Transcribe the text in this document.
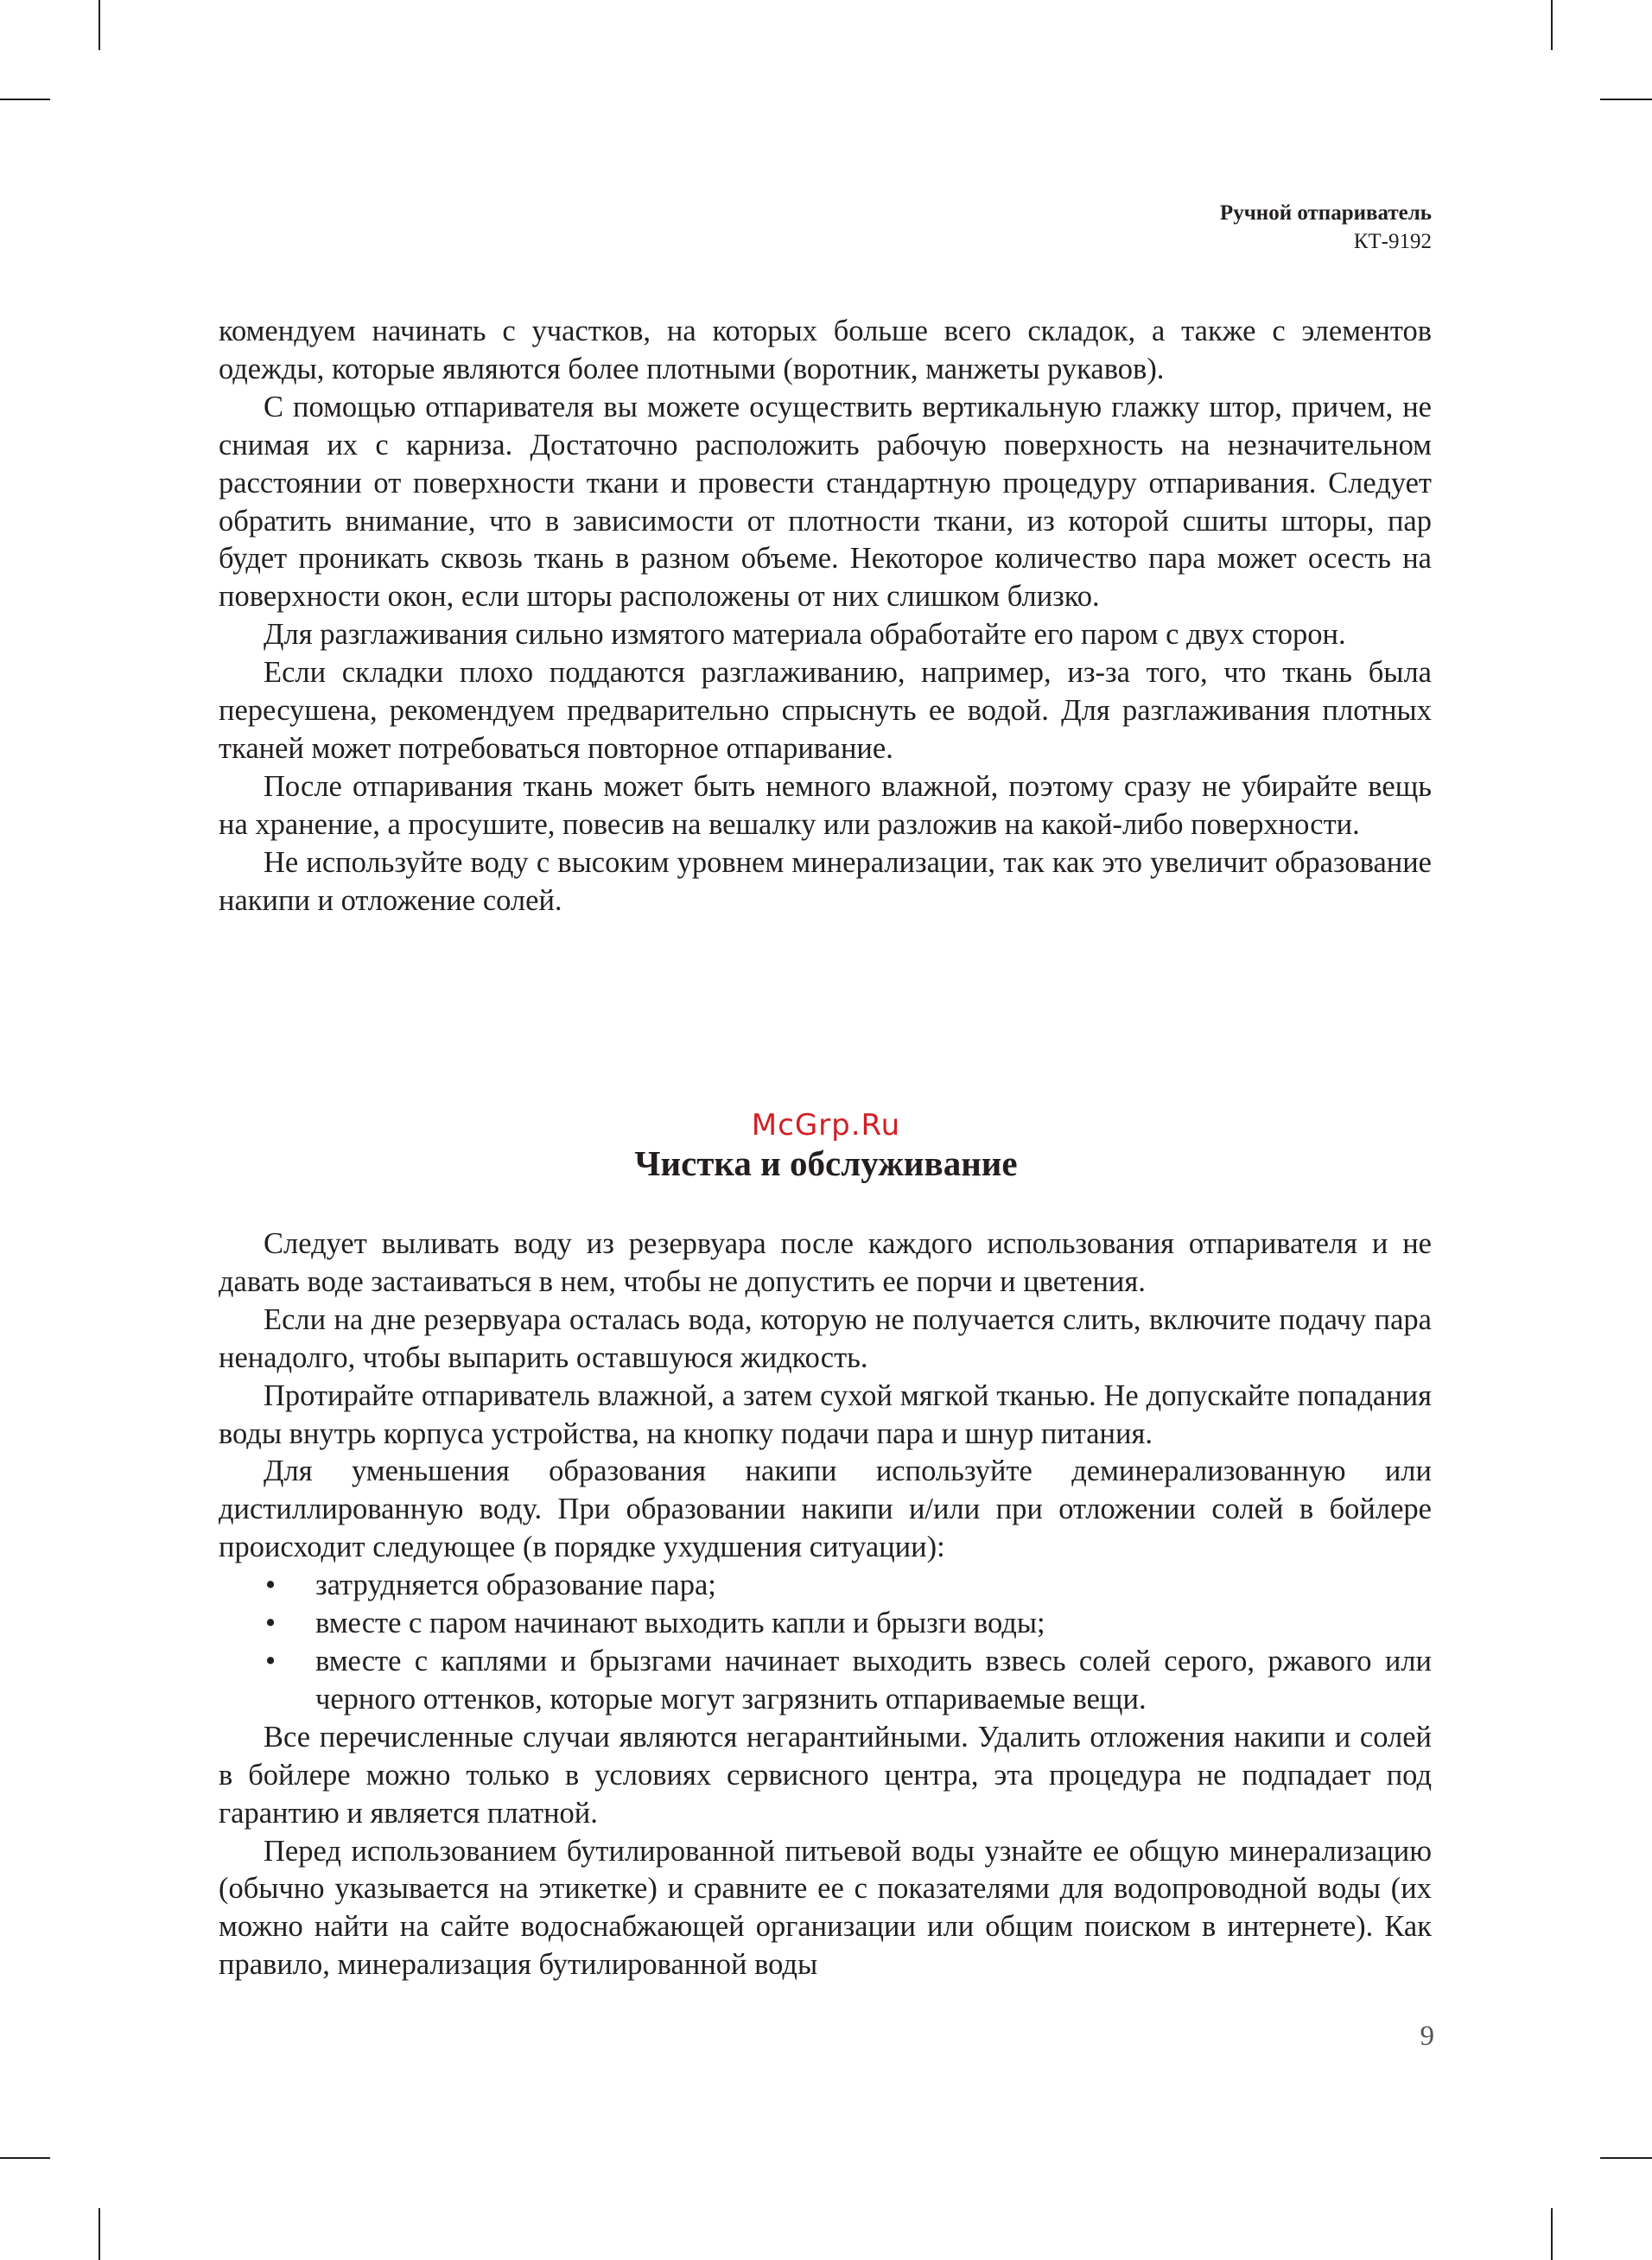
Ручной отпариватель
КТ-9192

комендуем начинать с участков, на которых больше всего складок, а также с элементов одежды, которые являются более плотными (воротник, манжеты рукавов).

С помощью отпаривателя вы можете осуществить вертикальную глажку штор, причем, не снимая их с карниза. Достаточно расположить рабочую поверхность на незначительном расстоянии от поверхности ткани и провести стандартную процедуру отпаривания. Следует обратить внимание, что в зависимости от плотности ткани, из которой сшиты шторы, пар будет проникать сквозь ткань в разном объеме. Некоторое количество пара может осесть на поверхности окон, если шторы расположены от них слишком близко.

Для разглаживания сильно измятого материала обработайте его паром с двух сторон.

Если складки плохо поддаются разглаживанию, например, из-за того, что ткань была пересушена, рекомендуем предварительно спрыснуть ее водой. Для разглаживания плотных тканей может потребоваться повторное отпаривание.

После отпаривания ткань может быть немного влажной, поэтому сразу не убирайте вещь на хранение, а просушите, повесив на вешалку или разложив на какой-либо поверхности.

Не используйте воду с высоким уровнем минерализации, так как это увеличит образование накипи и отложение солей.

McGrp.Ru
Чистка и обслуживание

Следует выливать воду из резервуара после каждого использования отпаривателя и не давать воде застаиваться в нем, чтобы не допустить ее порчи и цветения.

Если на дне резервуара осталась вода, которую не получается слить, включите подачу пара ненадолго, чтобы выпарить оставшуюся жидкость.

Протирайте отпариватель влажной, а затем сухой мягкой тканью. Не допускайте попадания воды внутрь корпуса устройства, на кнопку подачи пара и шнур питания.

Для уменьшения образования накипи используйте деминерализованную или дистиллированную воду. При образовании накипи и/или при отложении солей в бойлере происходит следующее (в порядке ухудшения ситуации):

• затрудняется образование пара;
• вместе с паром начинают выходить капли и брызги воды;
• вместе с каплями и брызгами начинает выходить взвесь солей серого, ржавого или черного оттенков, которые могут загрязнить отпариваемые вещи.

Все перечисленные случаи являются негарантийными. Удалить отложения накипи и солей в бойлере можно только в условиях сервисного центра, эта процедура не подпадает под гарантию и является платной.

Перед использованием бутилированной питьевой воды узнайте ее общую минерализацию (обычно указывается на этикетке) и сравните ее с показателями для водопроводной воды (их можно найти на сайте водоснабжающей организации или общим поиском в интернете). Как правило, минерализация бутилированной воды

9
